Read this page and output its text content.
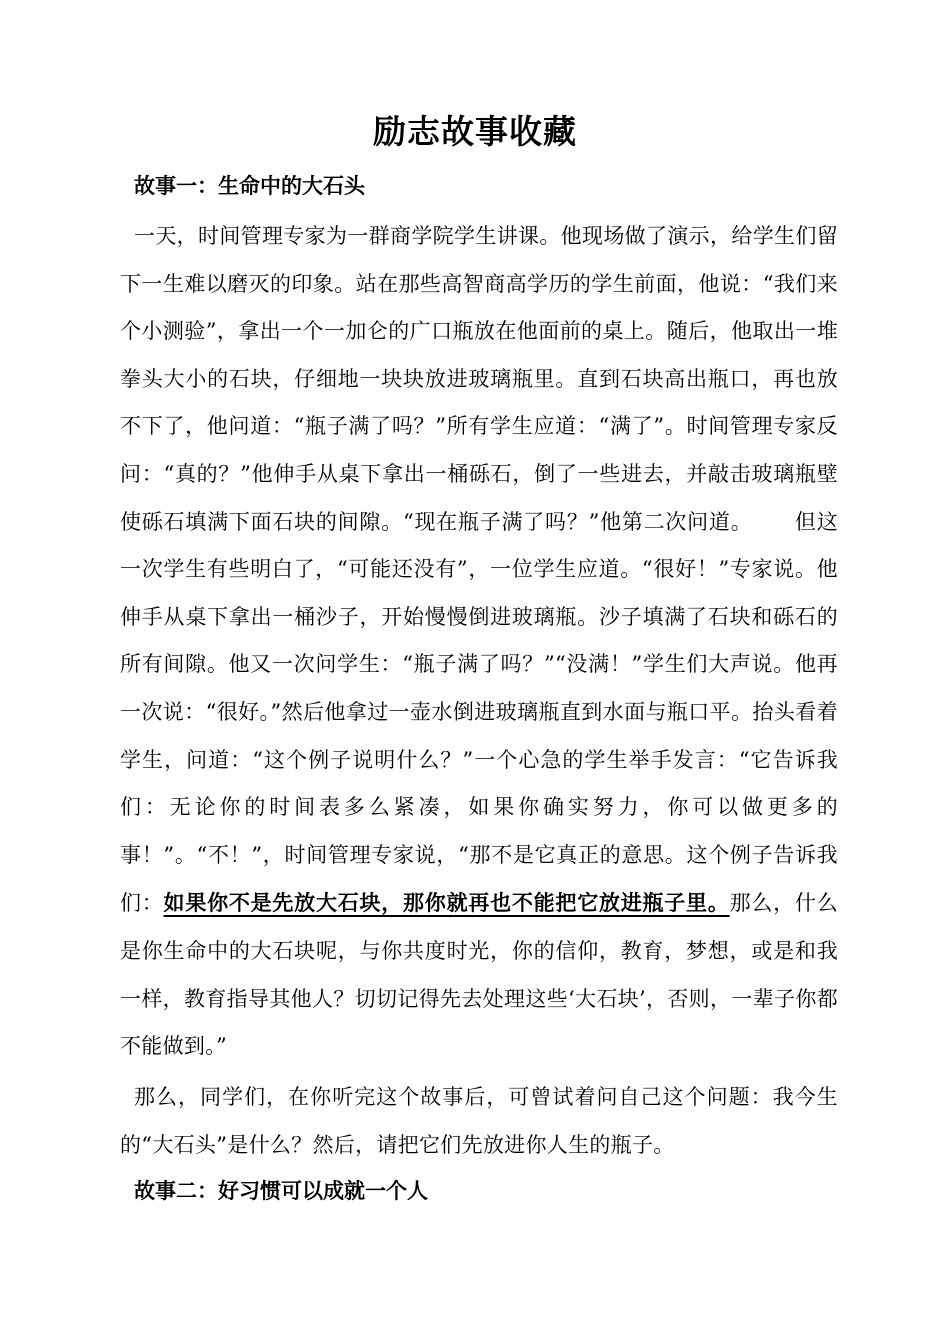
励志故事收藏
故事一：生命中的大石头

一天，时间管理专家为一群商学院学生讲课。他现场做了演示，给学生们留下一生难以磨灭的印象。站在那些高智商高学历的学生前面，他说：“我们来个小测验”，拿出一个一加仑的广口瓶放在他面前的桌上。随后，他取出一堆拳头大小的石块，仔细地一块块放进玻璃瓶里。直到石块高出瓶口，再也放不下了，他问道：“瓶子满了吗？”所有学生应道：“满了”。时间管理专家反问：“真的？”他伸手从桌下拿出一桶砾石，倒了一些进去，并敲击玻璃瓶壁使砾石填满下面石块的间隙。“现在瓶子满了吗？”他第二次问道。 但这一次学生有些明白了，“可能还没有”，一位学生应道。“很好！”专家说。他伸手从桌下拿出一桶沙子，开始慢慢倒进玻璃瓶。沙子填满了石块和砾石的所有间隙。他又一次问学生：“瓶子满了吗？”“没满！”学生们大声说。他再一次说：“很好。”然后他拿过一壶水倒进玻璃瓶直到水面与瓶口平。抬头看着学生，问道：“这个例子说明什么？”一个心急的学生举手发言：“它告诉我们：无论你的时间表多么紧凑，如果你确实努力，你可以做更多的事！”。“不！”，时间管理专家说，“那不是它真正的意思。这个例子告诉我们：如果你不是先放大石块，那你就再也不能把它放进瓶子里。那么，什么是你生命中的大石块呢，与你共度时光，你的信仰，教育，梦想，或是和我一样，教育指导其他人？切切记得先去处理这些‘大石块’，否则，一辈子你都不能做到。”

那么，同学们，在你听完这个故事后，可曾试着问自己这个问题：我今生的“大石头”是什么？然后，请把它们先放进你人生的瓶子。

故事二：好习惯可以成就一个人
